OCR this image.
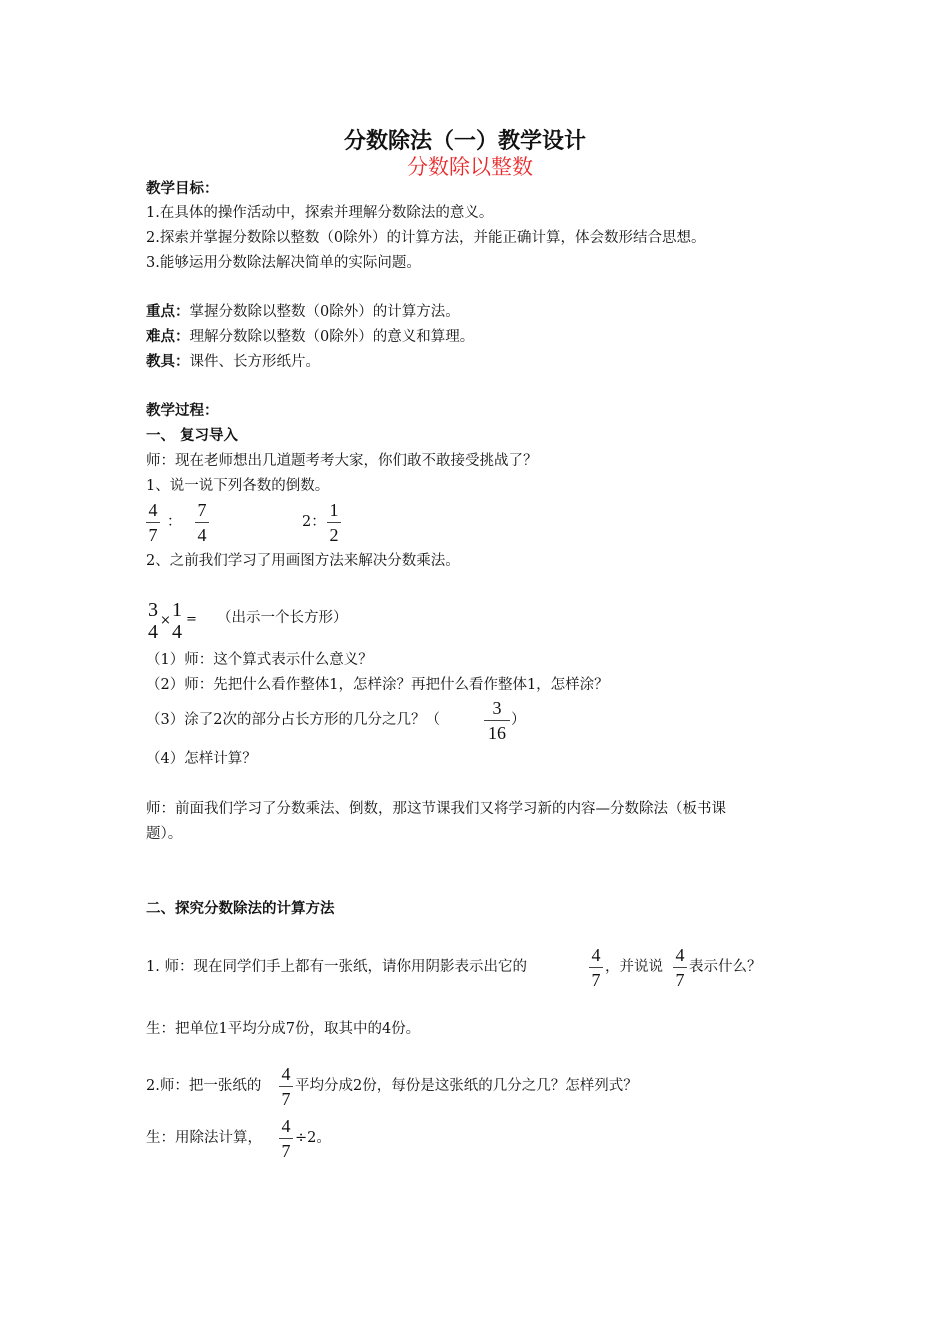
分数除法（一）教学设计
分数除以整数
教学目标：
1.在具体的操作活动中，探索并理解分数除法的意义。
2.探索并掌握分数除以整数（0除外）的计算方法，并能正确计算，体会数形结合思想。
3.能够运用分数除法解决简单的实际问题。
重点：掌握分数除以整数（0除外）的计算方法。
难点：理解分数除以整数（0除外）的意义和算理。
教具：课件、长方形纸片。
教学过程：
一、 复习导入
师：现在老师想出几道题考考大家，你们敢不敢接受挑战了？
1、说一说下列各数的倒数。
4
7
：
7
4
2：
1
2
2、之前我们学习了用画图方法来解决分数乘法。
3
4
× 1
4
= （出示一个长方形）
（1）师：这个算式表示什么意义？
（2）师：先把什么看作整体1，怎样涂？再把什么看作整体1，怎样涂？
（3）涂了2次的部分占长方形的几分之几？（
3
16
）
（4）怎样计算？
师：前面我们学习了分数乘法、倒数，那这节课我们又将学习新的内容—分数除法（板书课
题）。
二、探究分数除法的计算方法
1. 师：现在同学们手上都有一张纸，请你用阴影表示出它的
4
7
，并说说
4
7
表示什么？
生：把单位1平均分成7份，取其中的4份。
2.师：把一张纸的
4
7
平均分成2份，每份是这张纸的几分之几？怎样列式？
生：用除法计算，
4
7
÷2。
